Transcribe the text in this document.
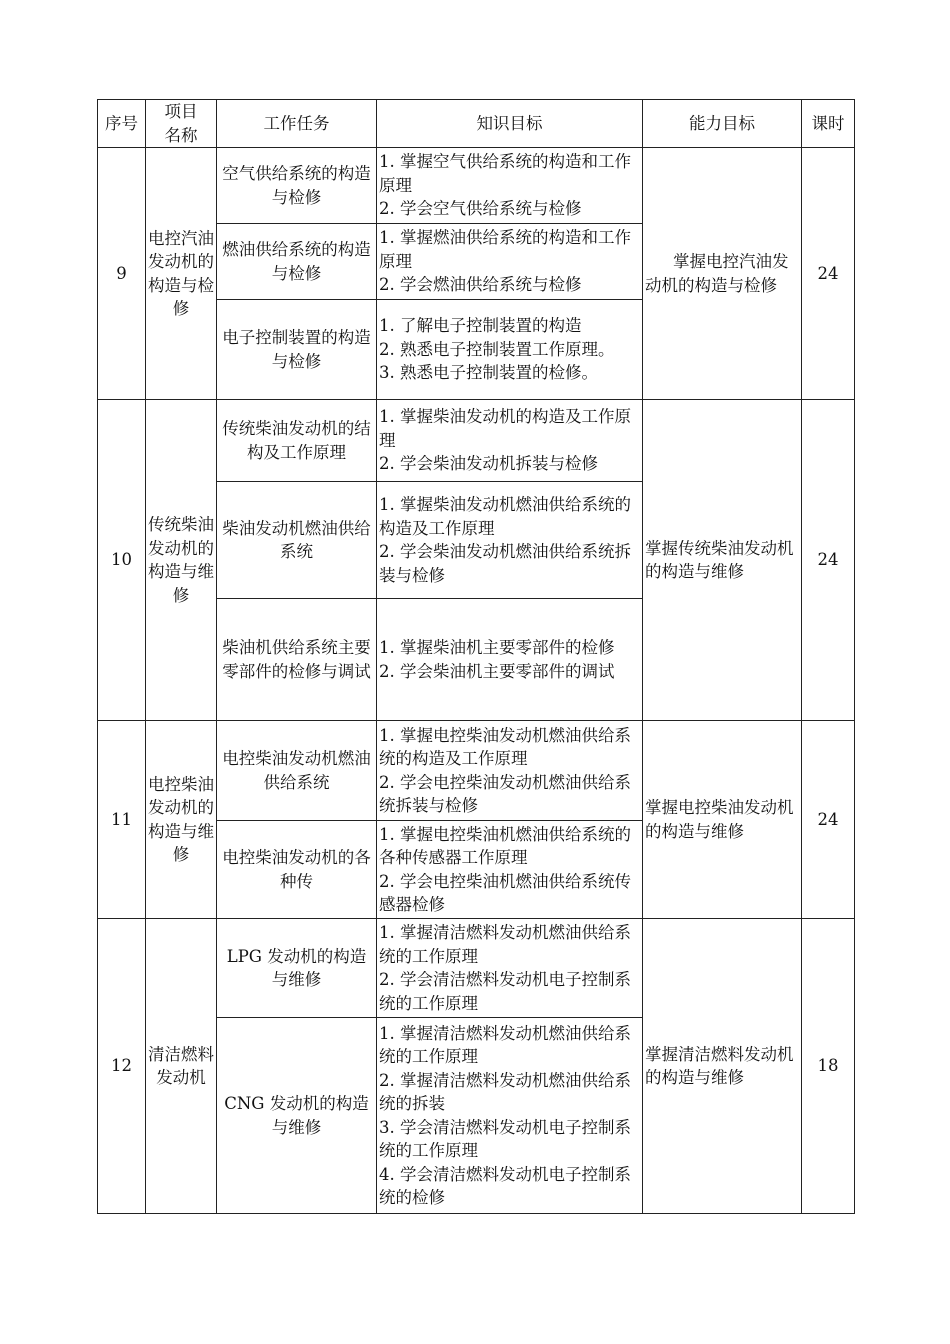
序号	项目名称	工作任务	知识目标	能力目标	课时
9	电控汽油发动机的构造与检修	空气供给系统的构造与检修	1. 掌握空气供给系统的构造和工作原理
2. 学会空气供给系统与检修	掌握电控汽油发动机的构造与检修	24
		燃油供给系统的构造与检修	1. 掌握燃油供给系统的构造和工作原理
2. 学会燃油供给系统与检修		

		电子控制装置的构造与检修	1. 了解电子控制装置的构造
2. 熟悉电子控制装置工作原理。
3. 熟悉电子控制装置的检修。		

10	传统柴油发动机的构造与维修	传统柴油发动机的结构及工作原理	1. 掌握柴油发动机的构造及工作原理
2. 学会柴油发动机拆装与检修	掌握传统柴油发动机的构造与维修	24
		柴油发动机燃油供给系统	1. 掌握柴油发动机燃油供给系统的构造及工作原理
2. 学会柴油发动机燃油供给系统拆装与检修		

		柴油机供给系统主要零部件的检修与调试	1. 掌握柴油机主要零部件的检修
2. 学会柴油机主要零部件的调试		

11	电控柴油发动机的构造与维修	电控柴油发动机燃油供给系统	1. 掌握电控柴油发动机燃油供给系统的构造及工作原理
2. 学会电控柴油发动机燃油供给系统拆装与检修	掌握电控柴油发动机的构造与维修	24
		电控柴油发动机的各种传	1. 掌握电控柴油机燃油供给系统的各种传感器工作原理
2. 学会电控柴油机燃油供给系统传感器检修		

12	清洁燃料发动机	LPG 发动机的构造与维修	1. 掌握清洁燃料发动机燃油供给系统的工作原理
2. 学会清洁燃料发动机电子控制系统的工作原理	掌握清洁燃料发动机的构造与维修	18
		CNG 发动机的构造与维修	1. 掌握清洁燃料发动机燃油供给系统的工作原理
2. 掌握清洁燃料发动机燃油供给系统的拆装
3. 学会清洁燃料发动机电子控制系统的工作原理
4. 学会清洁燃料发动机电子控制系统的检修		
